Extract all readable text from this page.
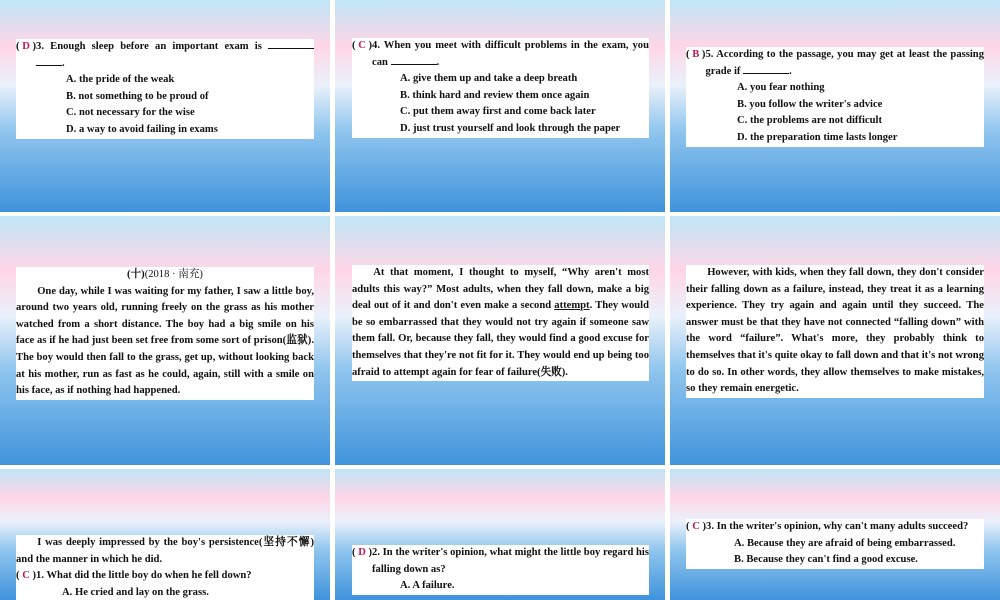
( D ) 3. Enough sleep before an important exam is  .
A. the pride of the weak
B. not something to be proud of
C. not necessary for the wise
D. a way to avoid failing in exams
( C ) 4. When you meet with difficult problems in the exam, you can	.
A. give them up and take a deep breath
B. think hard and review them once again
C. put them away first and come back later
D. just trust yourself and look through the paper
( B ) 5. According to the passage, you may get at least the passing grade if	.
A. you fear nothing
B. you follow the writer's advice
C. the problems are not difficult
D. the preparation time lasts longer
(十)(2018 · 南充)
One day, while I was waiting for my father, I saw a little boy, around two years old, running freely on the grass as his mother watched from a short distance. The boy had a big smile on his face as if he had just been set free from some sort of prison(监狱). The boy would then fall to the grass, get up, without looking back at his mother, run as fast as he could, again, still with a smile on his face, as if nothing had happened.
At that moment, I thought to myself, “Why aren't most adults this way?” Most adults, when they fall down, make a big deal out of it and don't even make a second attempt. They would be so embarrassed that they would not try again if someone saw them fall. Or, because they fall, they would find a good excuse for themselves that they're not fit for it. They would end up being too afraid to attempt again for fear of failure(失败).
However, with kids, when they fall down, they don't consider their falling down as a failure, instead, they treat it as a learning experience. They try again and again until they succeed. The answer must be that they have not connected “falling down” with the word “failure”. What's more, they probably think to themselves that it's quite okay to fall down and that it's not wrong to do so. In other words, they allow themselves to make mistakes, so they remain energetic.
I was deeply impressed by the boy's persistence(坚持不懈) and the manner in which he did.
( C ) 1. What did the little boy do when he fell down?
A. He cried and lay on the grass.
( D ) 2. In the writer's opinion, what might the little boy regard his falling down as?
A. A failure.
( C ) 3. In the writer's opinion, why can't many adults succeed?
A. Because they are afraid of being embarrassed.
B. Because they can't find a good excuse.
